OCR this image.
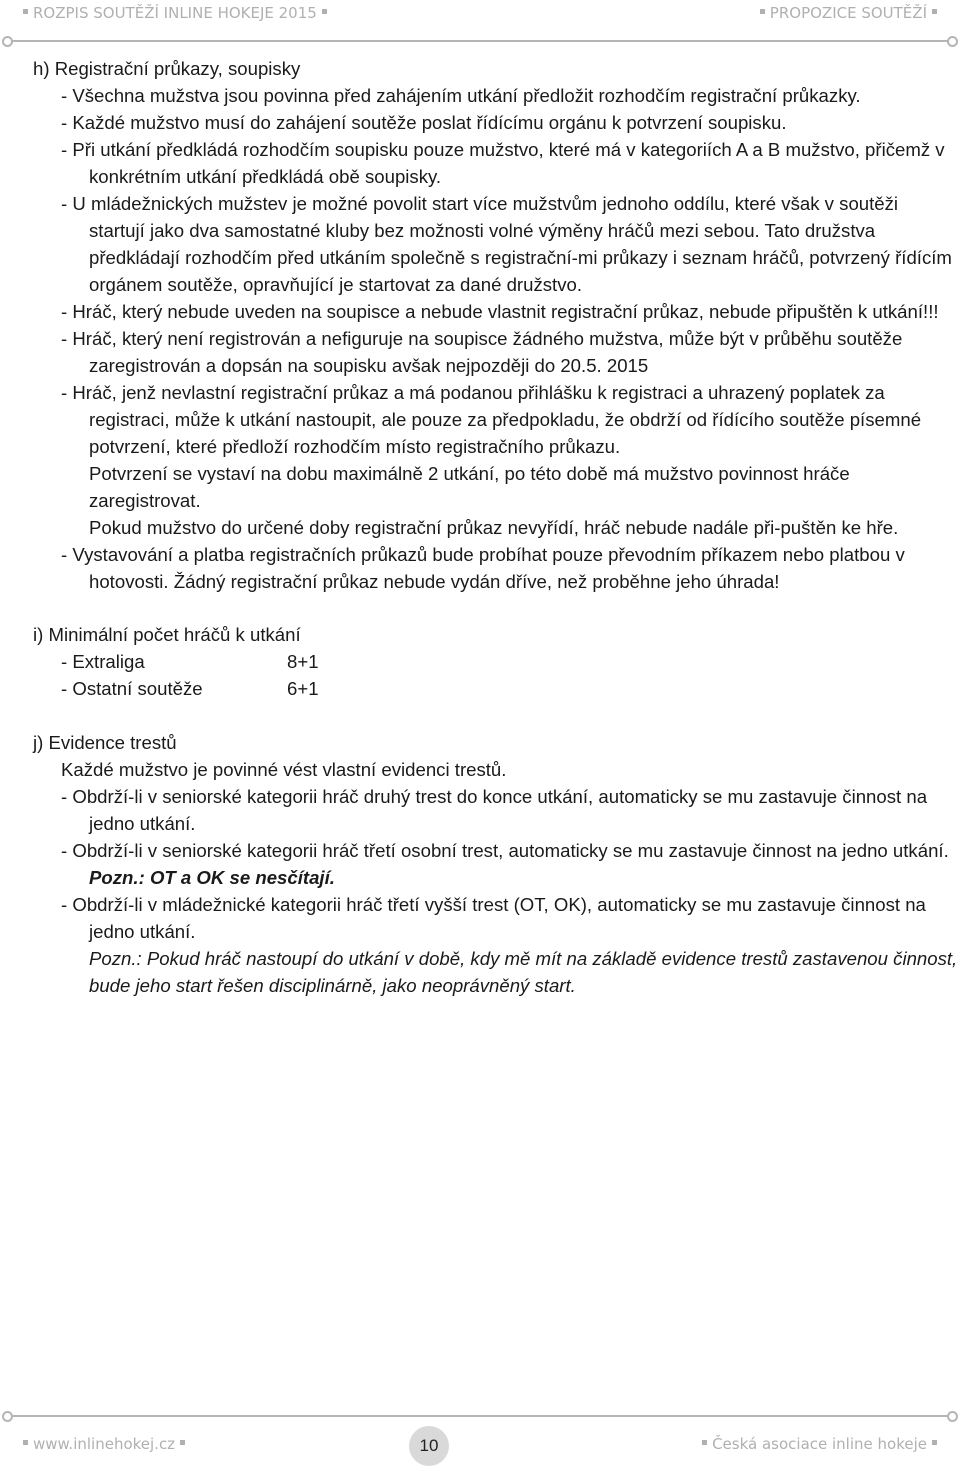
ROZPIS SOUTĚŽÍ INLINE HOKEJE 2015	PROPOZICE SOUTĚŽÍ

h) Registrační průkazy, soupisky

- Všechna mužstva jsou povinna před zahájením utkání předložit rozhodčím registrační průkazky.

- Každé mužstvo musí do zahájení soutěže poslat řídícímu orgánu k potvrzení soupisku.

- Při utkání předkládá rozhodčím soupisku pouze mužstvo, které má v kategoriích A a B mužstvo, přičemž v konkrétním utkání předkládá obě soupisky.

- U mládežnických mužstev je možné povolit start více mužstvům jednoho oddílu, které však v soutěži startují jako dva samostatné kluby bez možnosti volné výměny hráčů mezi sebou. Tato družstva předkládají rozhodčím před utkáním společně s registrační-mi průkazy i seznam hráčů, potvrzený řídícím orgánem soutěže, opravňující je startovat za dané družstvo.

- Hráč, který nebude uveden na soupisce a nebude vlastnit registrační průkaz, nebude připuštěn k utkání!!!

- Hráč, který není registrován a nefiguruje na soupisce žádného mužstva, může být v průběhu soutěže zaregistrován a dopsán na soupisku avšak nejpozději do 20.5. 2015

- Hráč, jenž nevlastní registrační průkaz a má podanou přihlášku k registraci a uhrazený poplatek za registraci, může k utkání nastoupit, ale pouze za předpokladu, že obdrží od řídícího soutěže písemné potvrzení, které předloží rozhodčím místo registračního průkazu.

Potvrzení se vystaví na dobu maximálně 2 utkání, po této době má mužstvo povinnost hráče zaregistrovat.

Pokud mužstvo do určené doby registrační průkaz nevyřídí, hráč nebude nadále při-puštěn ke hře.

- Vystavování a platba registračních průkazů bude probíhat pouze převodním příkazem nebo platbou v hotovosti. Žádný registrační průkaz nebude vydán dříve, než proběhne jeho úhrada!

i) Minimální počet hráčů k utkání

- Extraliga	8+1
- Ostatní soutěže	6+1

j) Evidence trestů

Každé mužstvo je povinné vést vlastní evidenci trestů.

- Obdrží-li v seniorské kategorii hráč druhý trest do konce utkání, automaticky se mu zastavuje činnost na jedno utkání.

- Obdrží-li v seniorské kategorii hráč třetí osobní trest, automaticky se mu zastavuje činnost na jedno utkání.

Pozn.: OT a OK se nesčítají.

- Obdrží-li v mládežnické kategorii hráč třetí vyšší trest (OT, OK), automaticky se mu zastavuje činnost na jedno utkání.

Pozn.: Pokud hráč nastoupí do utkání v době, kdy mě mít na základě evidence trestů zastavenou činnost, bude jeho start řešen disciplinárně, jako neoprávněný start.

www.inlinehokej.cz	Česká asociace inline hokeje
10
